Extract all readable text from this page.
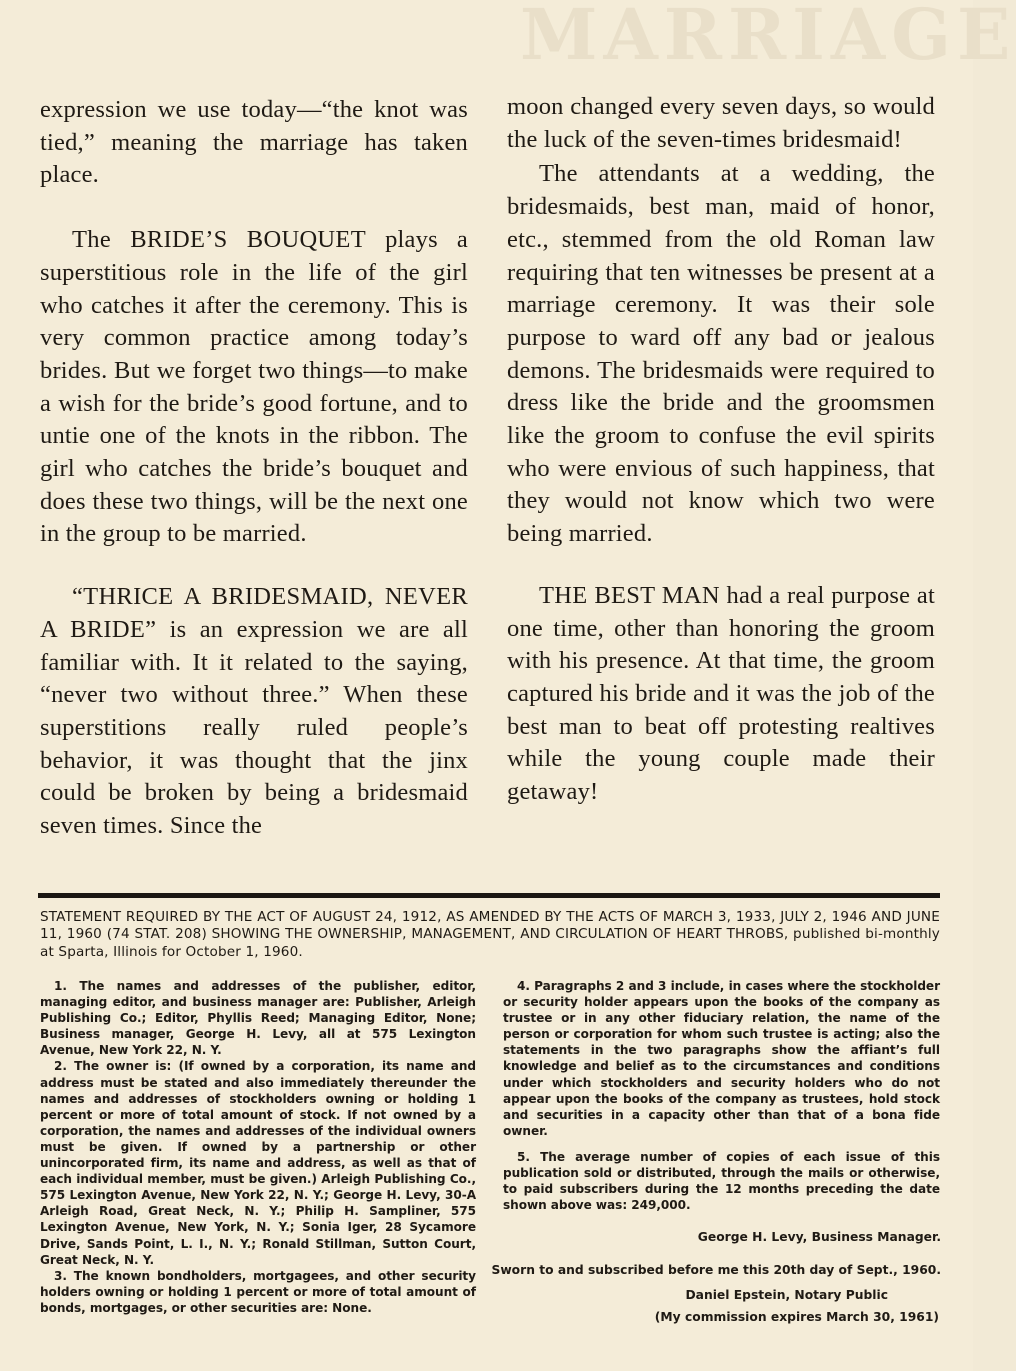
MARRIAGE

expression we use today—“the knot was tied,” meaning the marriage has taken place.

The BRIDE’S BOUQUET plays a superstitious role in the life of the girl who catches it after the ceremony. This is very common practice among today’s brides. But we forget two things—to make a wish for the bride’s good fortune, and to untie one of the knots in the ribbon. The girl who catches the bride’s bouquet and does these two things, will be the next one in the group to be married.

“THRICE A BRIDESMAID, NEVER A BRIDE” is an expression we are all familiar with. It it related to the saying, “never two without three.” When these superstitions really ruled people’s behavior, it was thought that the jinx could be broken by being a bridesmaid seven times. Since the

moon changed every seven days, so would the luck of the seven-times bridesmaid!

The attendants at a wedding, the bridesmaids, best man, maid of honor, etc., stemmed from the old Roman law requiring that ten witnesses be present at a marriage ceremony. It was their sole purpose to ward off any bad or jealous demons. The bridesmaids were required to dress like the bride and the groomsmen like the groom to confuse the evil spirits who were envious of such happiness, that they would not know which two were being married.

THE BEST MAN had a real purpose at one time, other than honoring the groom with his presence. At that time, the groom captured his bride and it was the job of the best man to beat off protesting realtives while the young couple made their getaway!

STATEMENT REQUIRED BY THE ACT OF AUGUST 24, 1912, AS AMENDED BY THE ACTS OF MARCH 3, 1933, JULY 2, 1946 AND JUNE 11, 1960 (74 STAT. 208) SHOWING THE OWNERSHIP, MANAGEMENT, AND CIRCULATION OF HEART THROBS, published bi-monthly at Sparta, Illinois for October 1, 1960.

1. The names and addresses of the publisher, editor, managing editor, and business manager are: Publisher, Arleigh Publishing Co.; Editor, Phyllis Reed; Managing Editor, None; Business manager, George H. Levy, all at 575 Lexington Avenue, New York 22, N. Y.

2. The owner is: (If owned by a corporation, its name and address must be stated and also immediately thereunder the names and addresses of stockholders owning or holding 1 percent or more of total amount of stock. If not owned by a corporation, the names and addresses of the individual owners must be given. If owned by a partnership or other unincorporated firm, its name and address, as well as that of each individual member, must be given.) Arleigh Publishing Co., 575 Lexington Avenue, New York 22, N. Y.; George H. Levy, 30-A Arleigh Road, Great Neck, N. Y.; Philip H. Sampliner, 575 Lexington Avenue, New York, N. Y.; Sonia Iger, 28 Sycamore Drive, Sands Point, L. I., N. Y.; Ronald Stillman, Sutton Court, Great Neck, N. Y.

3. The known bondholders, mortgagees, and other security holders owning or holding 1 percent or more of total amount of bonds, mortgages, or other securities are: None.

4. Paragraphs 2 and 3 include, in cases where the stockholder or security holder appears upon the books of the company as trustee or in any other fiduciary relation, the name of the person or corporation for whom such trustee is acting; also the statements in the two paragraphs show the affiant’s full knowledge and belief as to the circumstances and conditions under which stockholders and security holders who do not appear upon the books of the company as trustees, hold stock and securities in a capacity other than that of a bona fide owner.

5. The average number of copies of each issue of this publication sold or distributed, through the mails or otherwise, to paid subscribers during the 12 months preceding the date shown above was: 249,000.

George H. Levy, Business Manager.
Sworn to and subscribed before me this 20th day of Sept., 1960.
Daniel Epstein, Notary Public
(My commission expires March 30, 1961)
